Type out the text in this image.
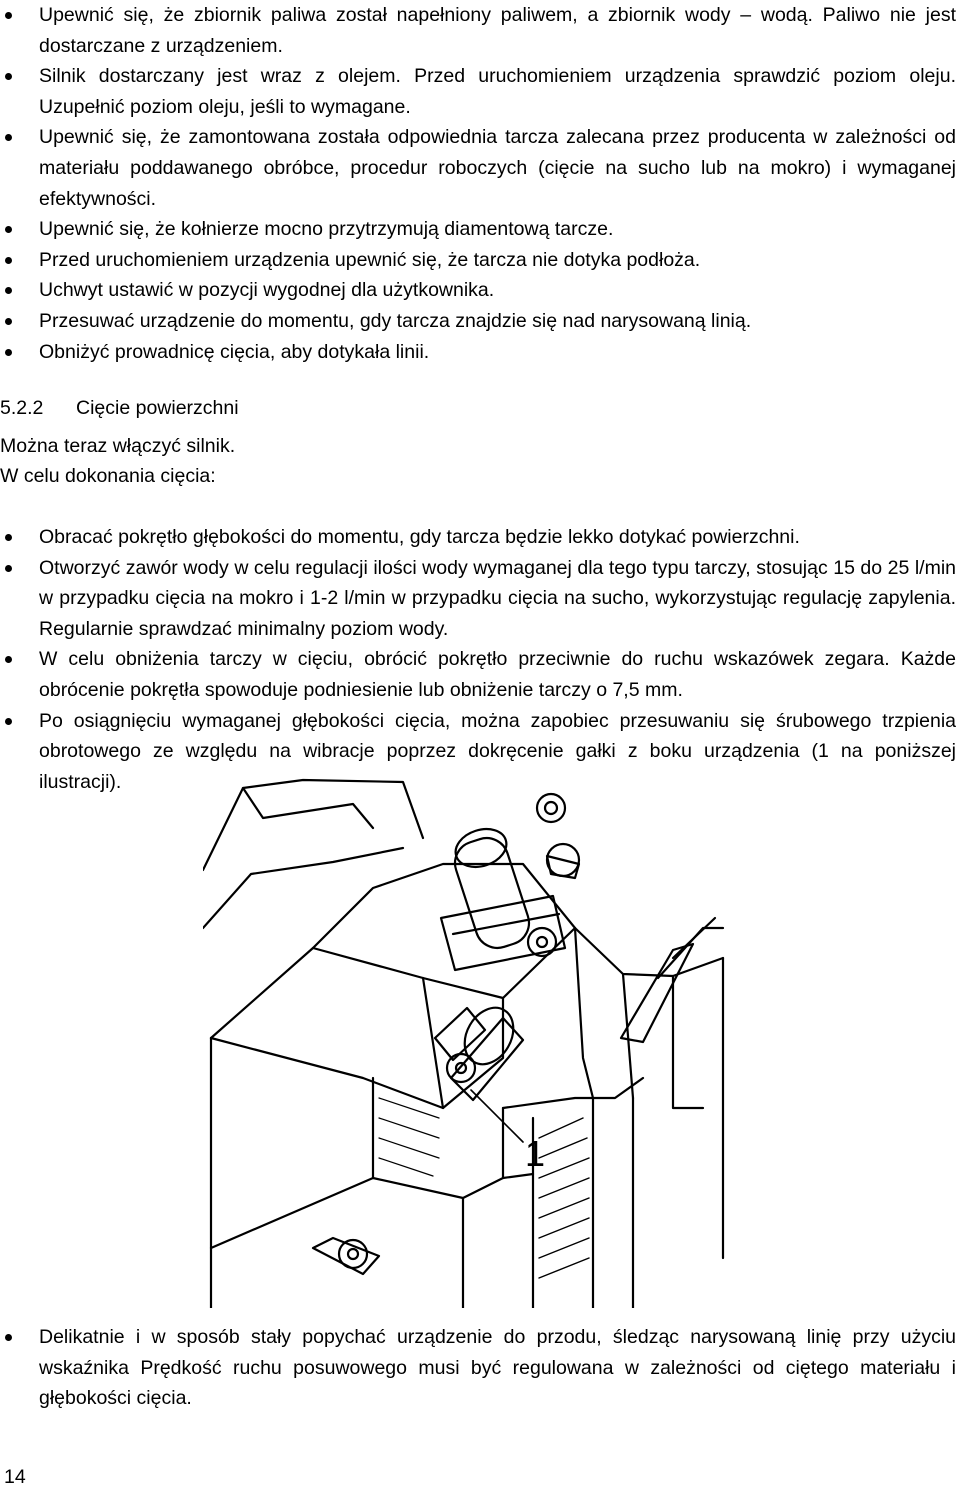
Upewnić się, że zbiornik paliwa został napełniony paliwem, a zbiornik wody – wodą. Paliwo nie jest dostarczane z urządzeniem.
Silnik dostarczany jest wraz z olejem. Przed uruchomieniem urządzenia sprawdzić poziom oleju. Uzupełnić poziom oleju, jeśli to wymagane.
Upewnić się, że zamontowana została odpowiednia tarcza zalecana przez producenta w zależności od materiału poddawanego obróbce, procedur roboczych (cięcie na sucho lub na mokro) i wymaganej efektywności.
Upewnić się, że kołnierze mocno przytrzymują diamentową tarcze.
Przed uruchomieniem urządzenia upewnić się, że tarcza nie dotyka podłoża.
Uchwyt ustawić w pozycji wygodnej dla użytkownika.
Przesuwać urządzenie do momentu, gdy tarcza znajdzie się nad narysowaną linią.
Obniżyć prowadnicę cięcia, aby dotykała linii.
5.2.2 Cięcie powierzchni

Można teraz włączyć silnik.

W celu dokonania cięcia:

Obracać pokrętło głębokości do momentu, gdy tarcza będzie lekko dotykać powierzchni.
Otworzyć zawór wody w celu regulacji ilości wody wymaganej dla tego typu tarczy, stosując 15 do 25 l/min w przypadku cięcia na mokro i 1-2 l/min w przypadku cięcia na sucho, wykorzystując regulację zapylenia. Regularnie sprawdzać minimalny poziom wody.
W celu obniżenia tarczy w cięciu, obrócić pokrętło przeciwnie do ruchu wskazówek zegara. Każde obrócenie pokrętła spowoduje podniesienie lub obniżenie tarczy o 7,5 mm.
Po osiągnięciu wymaganej głębokości cięcia, można zapobiec przesuwaniu się śrubowego trzpienia obrotowego ze względu na wibracje poprzez dokręcenie gałki z boku urządzenia (1 na poniższej ilustracji).
1
Delikatnie i w sposób stały popychać urządzenie do przodu, śledząc narysowaną linię przy użyciu wskaźnika Prędkość ruchu posuwowego musi być regulowana w zależności od ciętego materiału i głębokości cięcia.
14
